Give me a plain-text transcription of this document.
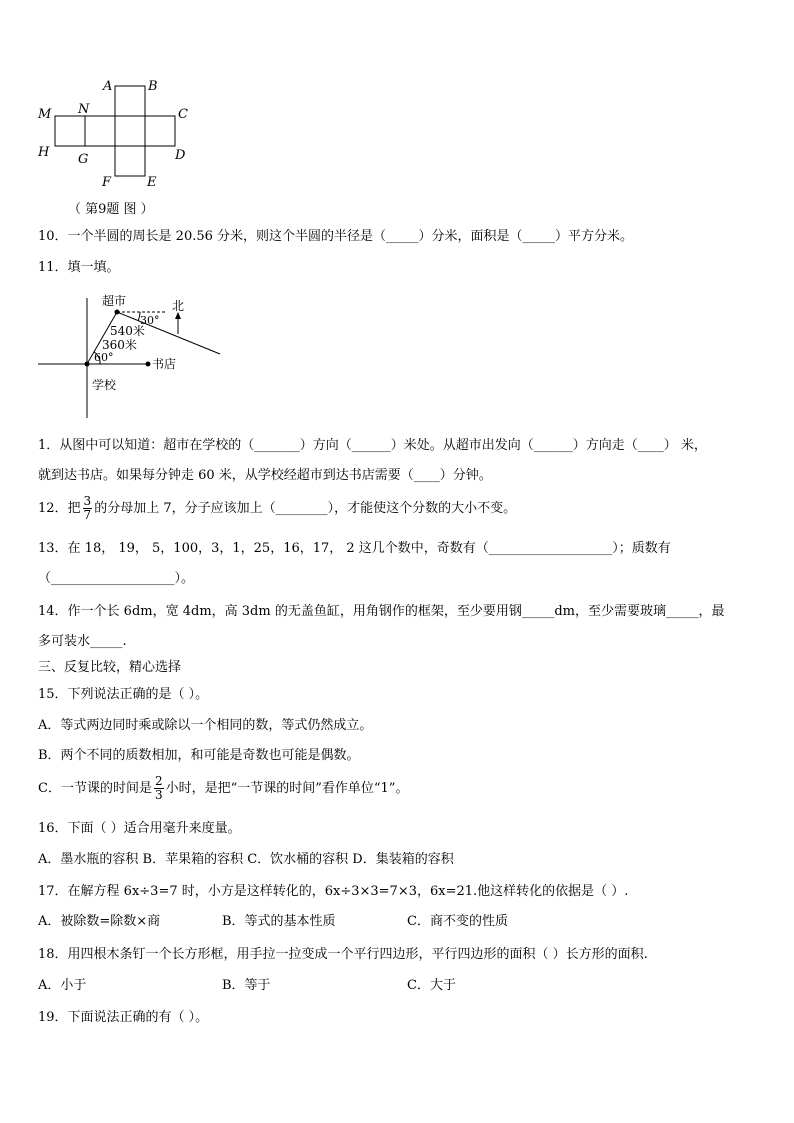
A	B
M N	C
H G	D
F	E
（ 第9题 图 ）
10．一个半圆的周长是 20.56 分米，则这个半圆的半径是（_____）分米，面积是（_____）平方分米。
11．填一填。
超市	北
30°
540米
360米
60°	书店
学校
1．从图中可以知道：超市在学校的（_______）方向（______）米处。从超市出发向（______）方向走（____） 米，
就到达书店。如果每分钟走 60 米，从学校经超市到达书店需要（____）分钟。
12．把 $\frac{3}{7}$ 的分母加上 7，分子应该加上（________），才能使这个分数的大小不变。
13．在 18， 19， 5，100，3，1，25，16，17， 2 这几个数中，奇数有（___________________）；质数有
（___________________）。
14．作一个长 6dm，宽 4dm，高 3dm 的无盖鱼缸，用角钢作的框架，至少要用钢_____dm，至少需要玻璃_____，最
多可装水_____.
三、反复比较，精心选择
15．下列说法正确的是（ ）。
A．等式两边同时乘或除以一个相同的数，等式仍然成立。
B．两个不同的质数相加，和可能是奇数也可能是偶数。
C．一节课的时间是 $\frac{2}{3}$ 小时，是把“一节课的时间”看作单位“1”。
16．下面（ ）适合用毫升来度量。
A．墨水瓶的容积 B．苹果箱的容积 C．饮水桶的容积 D．集装箱的容积
17．在解方程 6x÷3=7 时，小方是这样转化的，6x÷3×3=7×3，6x=21.他这样转化的依据是（ ）.
A．被除数=除数×商	B．等式的基本性质	C．商不变的性质
18．用四根木条钉一个长方形框，用手拉一拉变成一个平行四边形，平行四边形的面积（ ）长方形的面积.
A．小于	B．等于	C．大于
19．下面说法正确的有（ ）。
